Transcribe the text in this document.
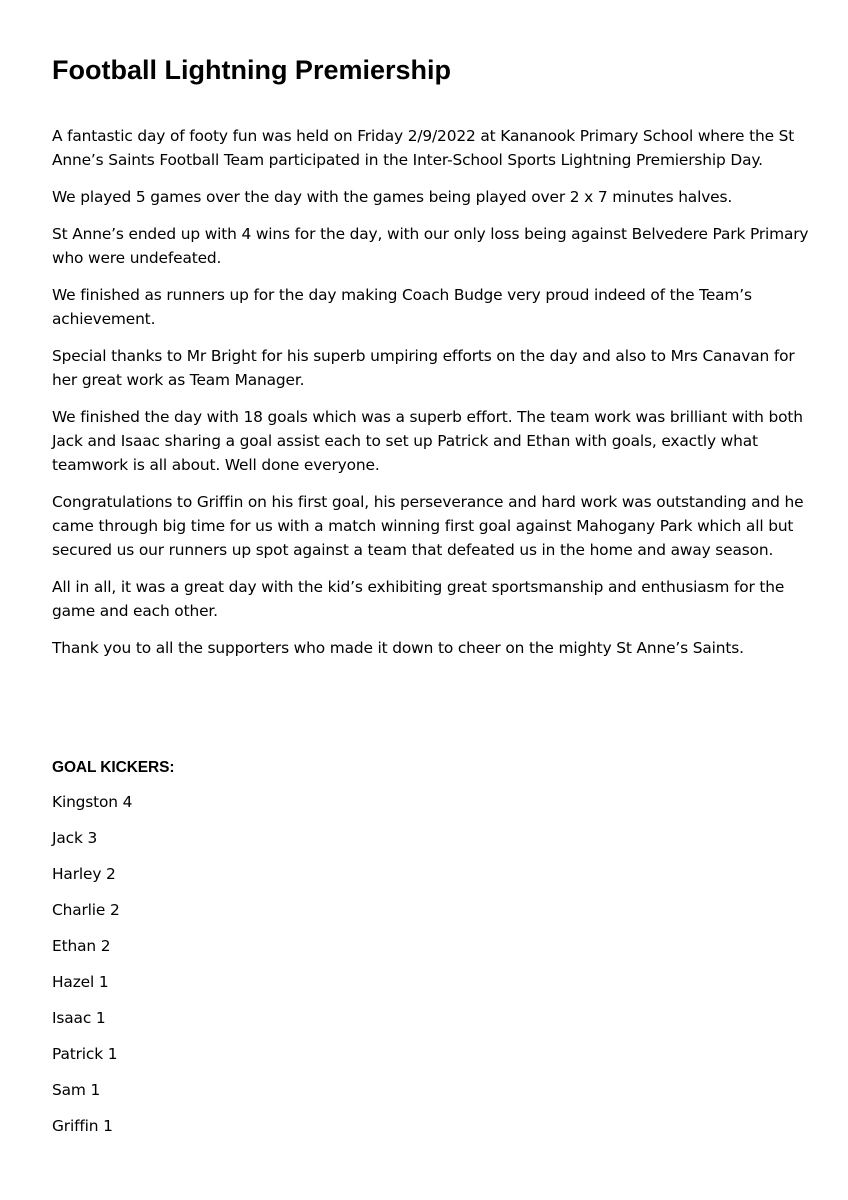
Football Lightning Premiership

A fantastic day of footy fun was held on Friday 2/9/2022 at Kananook Primary School where the St Anne’s Saints Football Team participated in the Inter-School Sports Lightning Premiership Day.

We played 5 games over the day with the games being played over 2 x 7 minutes halves.

St Anne’s ended up with 4 wins for the day, with our only loss being against Belvedere Park Primary who were undefeated.

We finished as runners up for the day making Coach Budge very proud indeed of the Team’s achievement.

Special thanks to Mr Bright for his superb umpiring efforts on the day and also to Mrs Canavan for her great work as Team Manager.

We finished the day with 18 goals which was a superb effort. The team work was brilliant with both Jack and Isaac sharing a goal assist each to set up Patrick and Ethan with goals, exactly what teamwork is all about. Well done everyone.

Congratulations to Griffin on his first goal, his perseverance and hard work was outstanding and he came through big time for us with a match winning first goal against Mahogany Park which all but secured us our runners up spot against a team that defeated us in the home and away season.

All in all, it was a great day with the kid’s exhibiting great sportsmanship and enthusiasm for the game and each other.

Thank you to all the supporters who made it down to cheer on the mighty St Anne’s Saints.

GOAL KICKERS:
Kingston 4
Jack 3
Harley 2
Charlie 2
Ethan 2
Hazel 1
Isaac 1
Patrick 1
Sam 1
Griffin 1
